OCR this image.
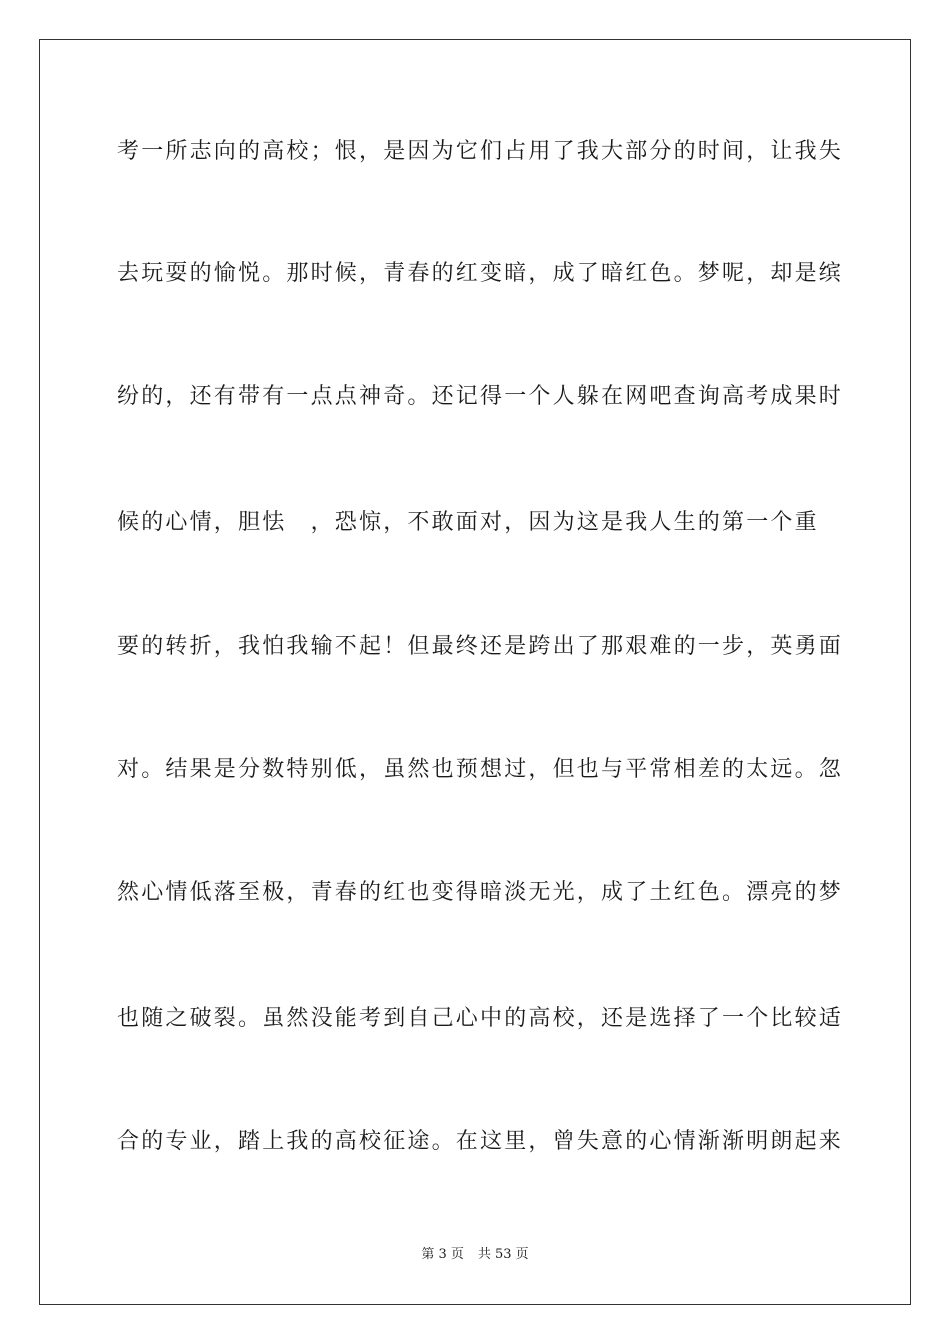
考一所志向的高校；恨，是因为它们占用了我大部分的时间，让我失
去玩耍的愉悦。那时候，青春的红变暗，成了暗红色。梦呢，却是缤
纷的，还有带有一点点神奇。还记得一个人躲在网吧查询高考成果时
候的心情，胆怯　，恐惊，不敢面对，因为这是我人生的第一个重
要的转折，我怕我输不起！但最终还是跨出了那艰难的一步，英勇面
对。结果是分数特别低，虽然也预想过，但也与平常相差的太远。忽
然心情低落至极，青春的红也变得暗淡无光，成了土红色。漂亮的梦
也随之破裂。虽然没能考到自己心中的高校，还是选择了一个比较适
合的专业，踏上我的高校征途。在这里，曾失意的心情渐渐明朗起来
第 3 页 共 53 页
